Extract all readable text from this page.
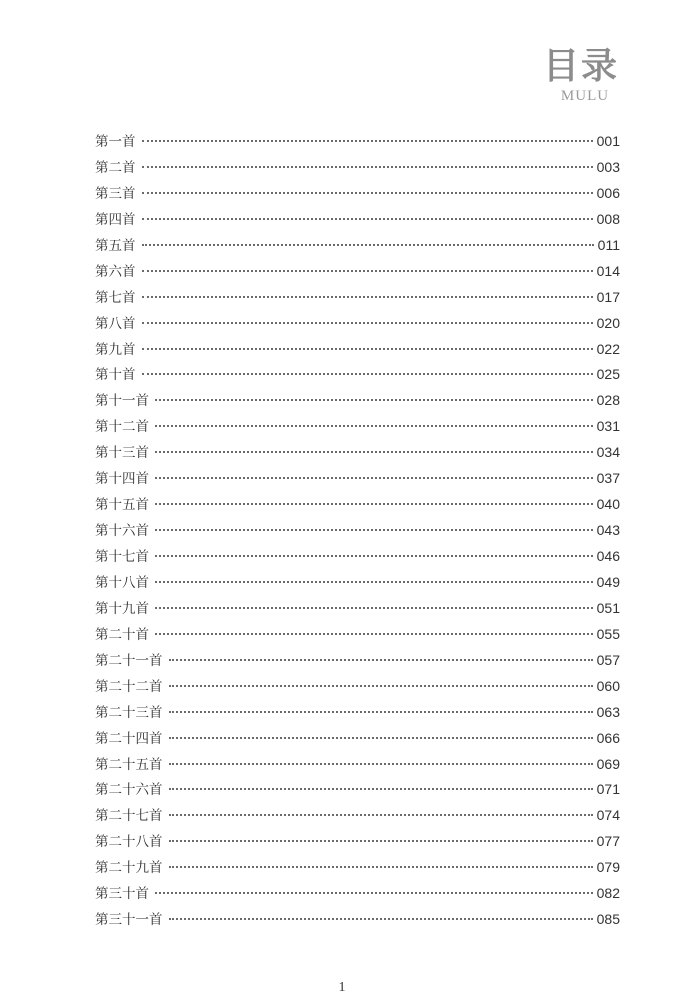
目录
MULU
第一首	001
第二首	003
第三首	006
第四首	008
第五首	011
第六首	014
第七首	017
第八首	020
第九首	022
第十首	025
第十一首	028
第十二首	031
第十三首	034
第十四首	037
第十五首	040
第十六首	043
第十七首	046
第十八首	049
第十九首	051
第二十首	055
第二十一首	057
第二十二首	060
第二十三首	063
第二十四首	066
第二十五首	069
第二十六首	071
第二十七首	074
第二十八首	077
第二十九首	079
第三十首	082
第三十一首	085
1
